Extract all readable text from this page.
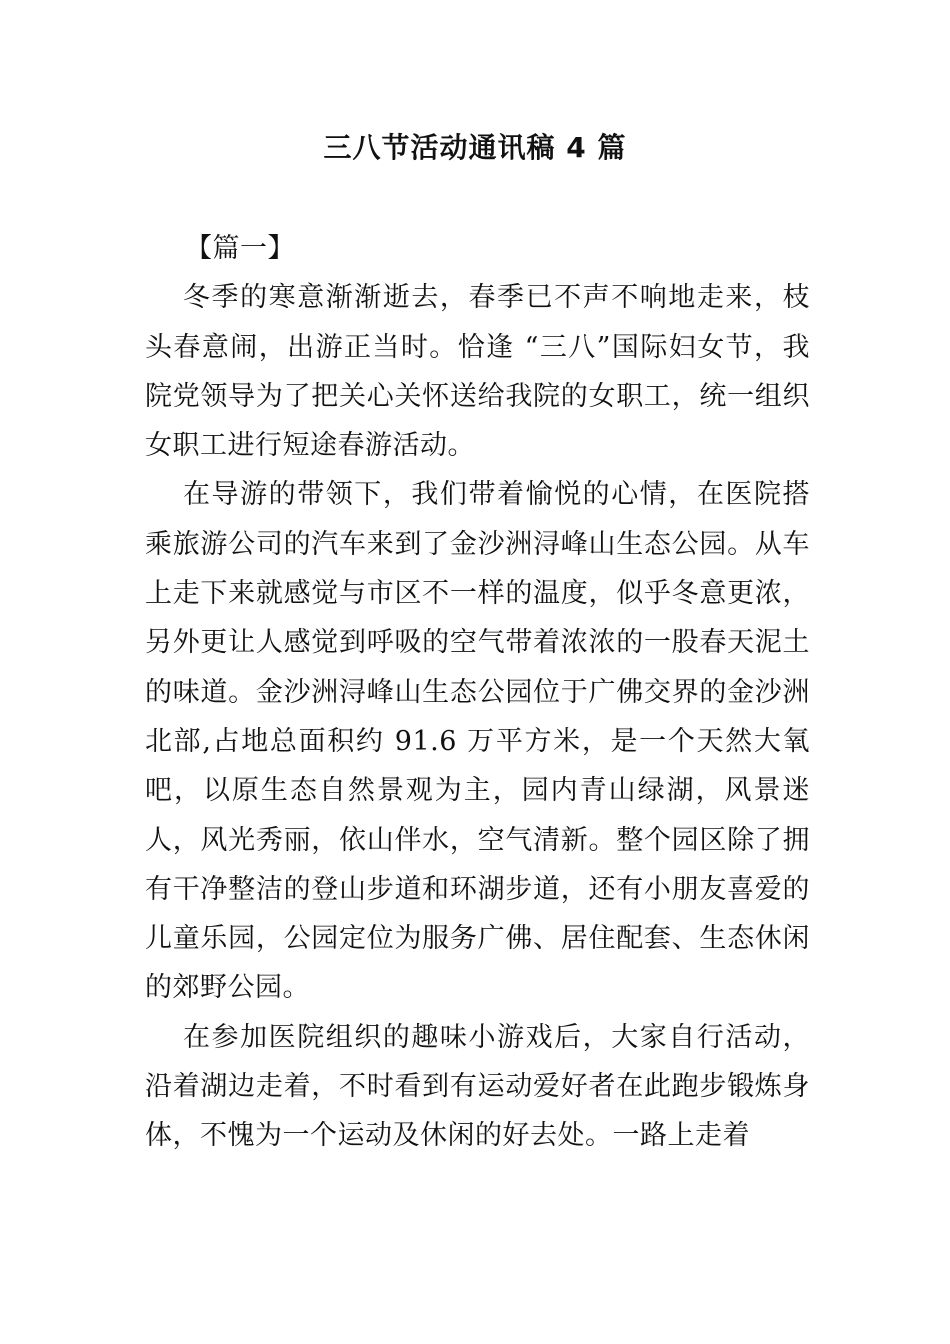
三八节活动通讯稿 4 篇

【篇一】

冬季的寒意渐渐逝去，春季已不声不响地走来，枝头春意闹，出游正当时。恰逢 “三八”国际妇女节，我院党领导为了把关心关怀送给我院的女职工，统一组织女职工进行短途春游活动。

在导游的带领下，我们带着愉悦的心情，在医院搭乘旅游公司的汽车来到了金沙洲浔峰山生态公园。从车上走下来就感觉与市区不一样的温度，似乎冬意更浓，另外更让人感觉到呼吸的空气带着浓浓的一股春天泥土的味道。金沙洲浔峰山生态公园位于广佛交界的金沙洲北部,占地总面积约 91.6 万平方米，是一个天然大氧吧，以原生态自然景观为主，园内青山绿湖，风景迷人，风光秀丽，依山伴水，空气清新。整个园区除了拥有干净整洁的登山步道和环湖步道，还有小朋友喜爱的儿童乐园，公园定位为服务广佛、居住配套、生态休闲的郊野公园。

在参加医院组织的趣味小游戏后，大家自行活动，沿着湖边走着，不时看到有运动爱好者在此跑步锻炼身体，不愧为一个运动及休闲的好去处。一路上走着
